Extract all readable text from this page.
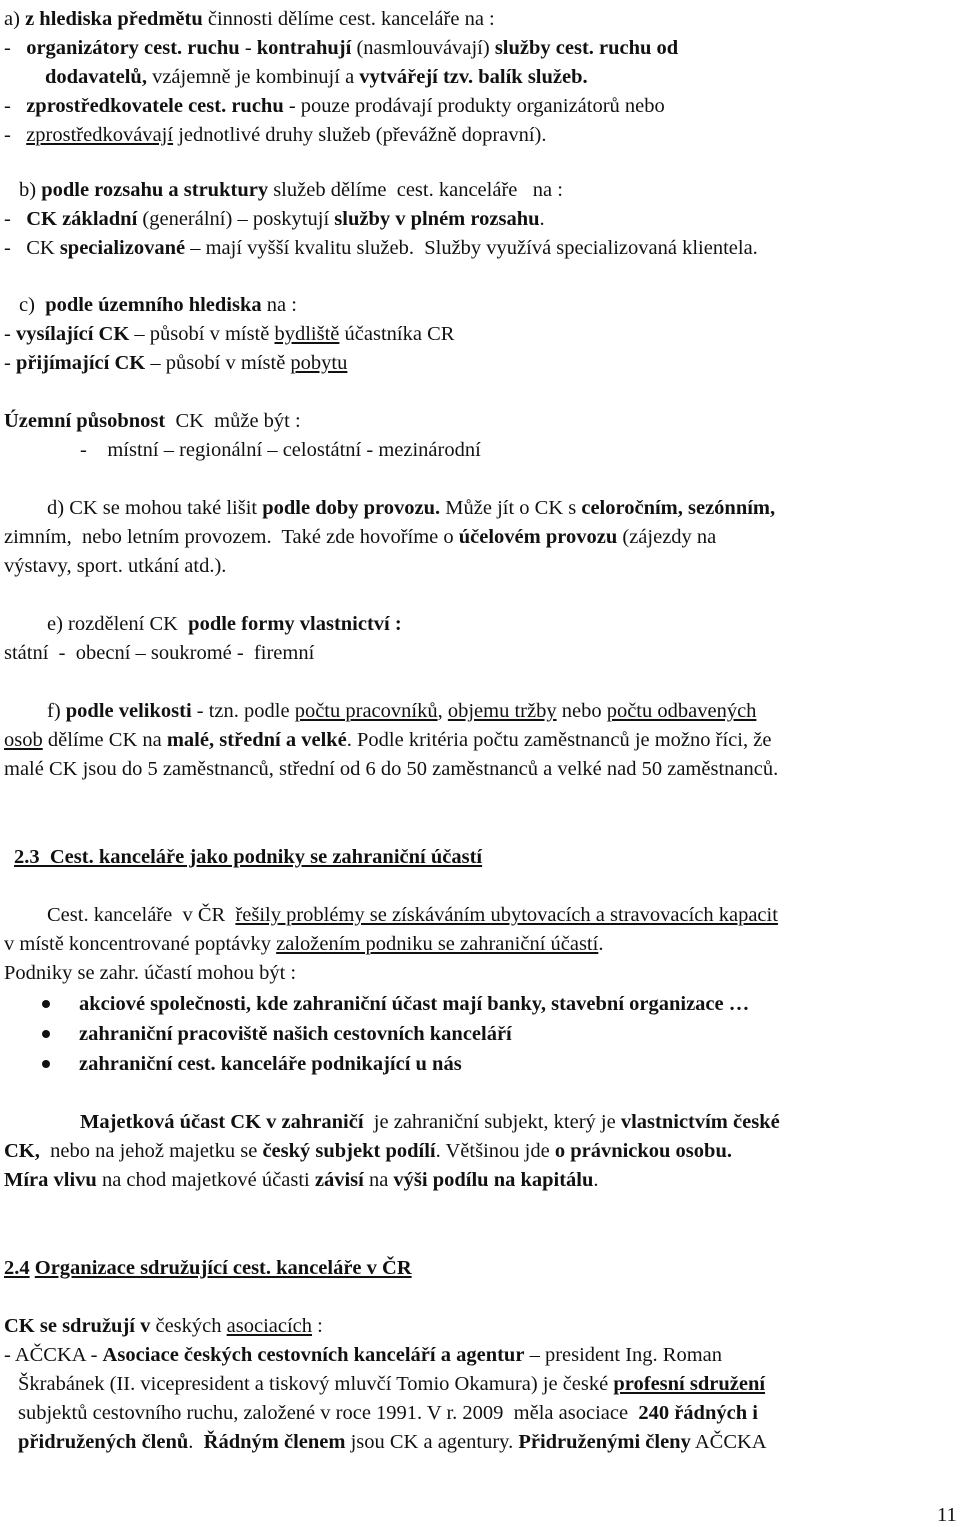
a) z hlediska předmětu činnosti dělíme cest. kanceláře na :
-   organizátory cest. ruchu - kontrahují (nasmlouvávají) služby cest. ruchu od
dodavatelů, vzájemně je kombinují a vytvářejí tzv. balík služeb.
-   zprostředkovatele cest. ruchu - pouze prodávají produkty organizátorů nebo
-   zprostředkovávají jednotlivé druhy služeb (převážně dopravní).
b) podle rozsahu a struktury služeb dělíme  cest. kanceláře   na :
-   CK základní (generální) – poskytují služby v plném rozsahu.
-   CK specializované – mají vyšší kvalitu služeb.  Služby využívá specializovaná klientela.
c)  podle územního hlediska na :
- vysílající CK – působí v místě bydliště účastníka CR
- přijímající CK – působí v místě pobytu
Územní působnost  CK  může být :
-    místní – regionální – celostátní - mezinárodní
d) CK se mohou také lišit podle doby provozu. Může jít o CK s celoročním, sezónním,
zimním,  nebo letním provozem.  Také zde hovoříme o účelovém provozu (zájezdy na
výstavy, sport. utkání atd.).
e) rozdělení CK  podle formy vlastnictví :
státní  -  obecní – soukromé -  firemní
f) podle velikosti - tzn. podle počtu pracovníků, objemu tržby nebo počtu odbavených
osob dělíme CK na malé, střední a velké. Podle kritéria počtu zaměstnanců je možno říci, že
malé CK jsou do 5 zaměstnanců, střední od 6 do 50 zaměstnanců a velké nad 50 zaměstnanců.
2.3  Cest. kanceláře jako podniky se zahraniční účastí
Cest. kanceláře  v ČR  řešily problémy se získáváním ubytovacích a stravovacích kapacit
v místě koncentrované poptávky založením podniku se zahraniční účastí.
Podniky se zahr. účastí mohou být :
akciové společnosti, kde zahraniční účast mají banky, stavební organizace …
zahraniční pracoviště našich cestovních kanceláří
zahraniční cest. kanceláře podnikající u nás
Majetková účast CK v zahraničí  je zahraniční subjekt, který je vlastnictvím české
CK,  nebo na jehož majetku se český subjekt podílí. Většinou jde o právnickou osobu.
Míra vlivu na chod majetkové účasti závisí na výši podílu na kapitálu.
2.4 Organizace sdružující cest. kanceláře v ČR
CK se sdružují v českých asociacích :
- AČCKA - Asociace českých cestovních kanceláří a agentur – president Ing. Roman
Škrabánek (II. vicepresident a tiskový mluvčí Tomio Okamura) je české profesní sdružení
subjektů cestovního ruchu, založené v roce 1991. V r. 2009  měla asociace  240 řádných i
přidružených členů.  Řádným členem jsou CK a agentury. Přidruženými členy AČCKA
11
